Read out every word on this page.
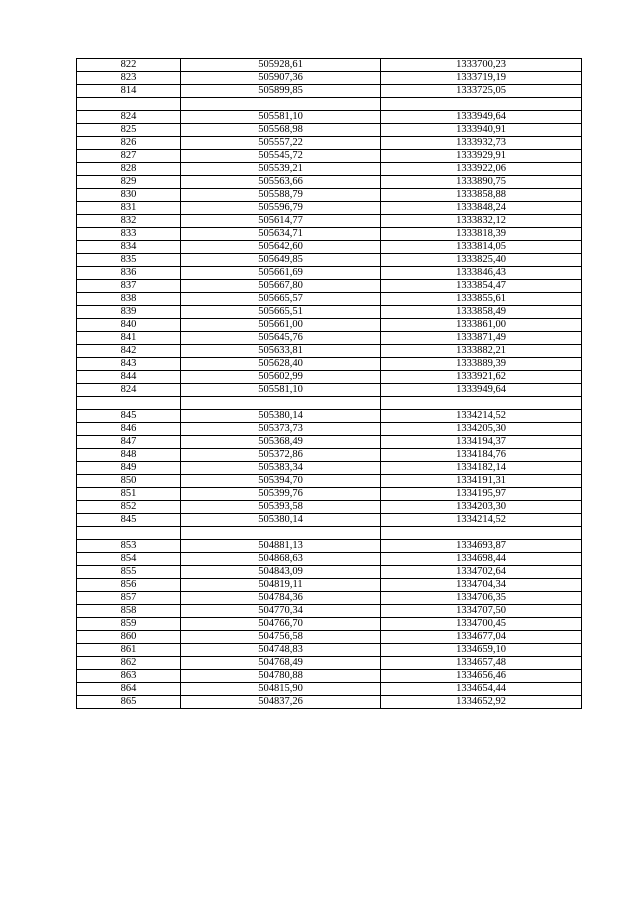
822	505928,61	1333700,23
823	505907,36	1333719,19
814	505899,85	1333725,05

824	505581,10	1333949,64
825	505568,98	1333940,91
826	505557,22	1333932,73
827	505545,72	1333929,91
828	505539,21	1333922,06
829	505563,66	1333890,75
830	505588,79	1333858,88
831	505596,79	1333848,24
832	505614,77	1333832,12
833	505634,71	1333818,39
834	505642,60	1333814,05
835	505649,85	1333825,40
836	505661,69	1333846,43
837	505667,80	1333854,47
838	505665,57	1333855,61
839	505665,51	1333858,49
840	505661,00	1333861,00
841	505645,76	1333871,49
842	505633,81	1333882,21
843	505628,40	1333889,39
844	505602,99	1333921,62
824	505581,10	1333949,64

845	505380,14	1334214,52
846	505373,73	1334205,30
847	505368,49	1334194,37
848	505372,86	1334184,76
849	505383,34	1334182,14
850	505394,70	1334191,31
851	505399,76	1334195,97
852	505393,58	1334203,30
845	505380,14	1334214,52

853	504881,13	1334693,87
854	504868,63	1334698,44
855	504843,09	1334702,64
856	504819,11	1334704,34
857	504784,36	1334706,35
858	504770,34	1334707,50
859	504766,70	1334700,45
860	504756,58	1334677,04
861	504748,83	1334659,10
862	504768,49	1334657,48
863	504780,88	1334656,46
864	504815,90	1334654,44
865	504837,26	1334652,92
